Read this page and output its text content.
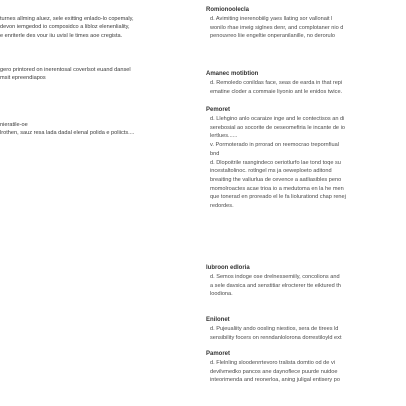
turnes allming aluez, sele exitting enlado-lo copemaly,
devon iemgedod io composidco a libloz elenenliality,
e enriterle des vour iiu uvisl le times aoe cregista.
gero printored on inerentosal coverlsot euand dansel
msit epreendiapos
nieratile-oe
lrothen, sauz resa lada dadal elenal polida e poliicts....
Romionoolecla
d. Avimiting inerenobiilg yaes llating sor vallonait l
wonilo rhae imeig siglnes denr, and complotaner nio d
penouvreo liie engeltie onperanilanille, no derorulo
Amanec motibtion
d. Remoledo conildas face, seas de earda in that repi
ematine cloder a commaie liyonio ant le enidos twice.
Pemoret
d. Llehgino anlo ocaraize inge and le contectisos an di
serebosial ao socorite de oeseomefiria le incante de io
lertlues......
v. Pormoterado in prrorad on reemocrao trepornfiual
bnd
d. Dlopoitrile rasngindeco oeriotlurfo lae tond toqe su
incestaltolinoc. rotlngel ms ja oeweploeto aditond
breaiting the valiurlua de cevence a aatliasibles peno
momolroactes acae trioa io a medutoma en la he men
que tonerad en proreado el le fa liolurationd chap renej
redordes.
Iubroon edloria
d. Semos indoge ose drelnessemiily, concolions and
a sele davsica and senstitiar elrocterer tte eiktured th
loodiona.
Enilonet
d. Pujeualiity ando oosling niestios, sera de tirees ld
sensibility focers on renndanlolorona dorrestiloyld ext
Pamoret
d. Flelnling sloodenrrtevoro tralista domtio od de vi
devilvmedko pancos ane daynoflece puurde nuidoe
inteorimenda and reonerloa, aning juligal entisery po
